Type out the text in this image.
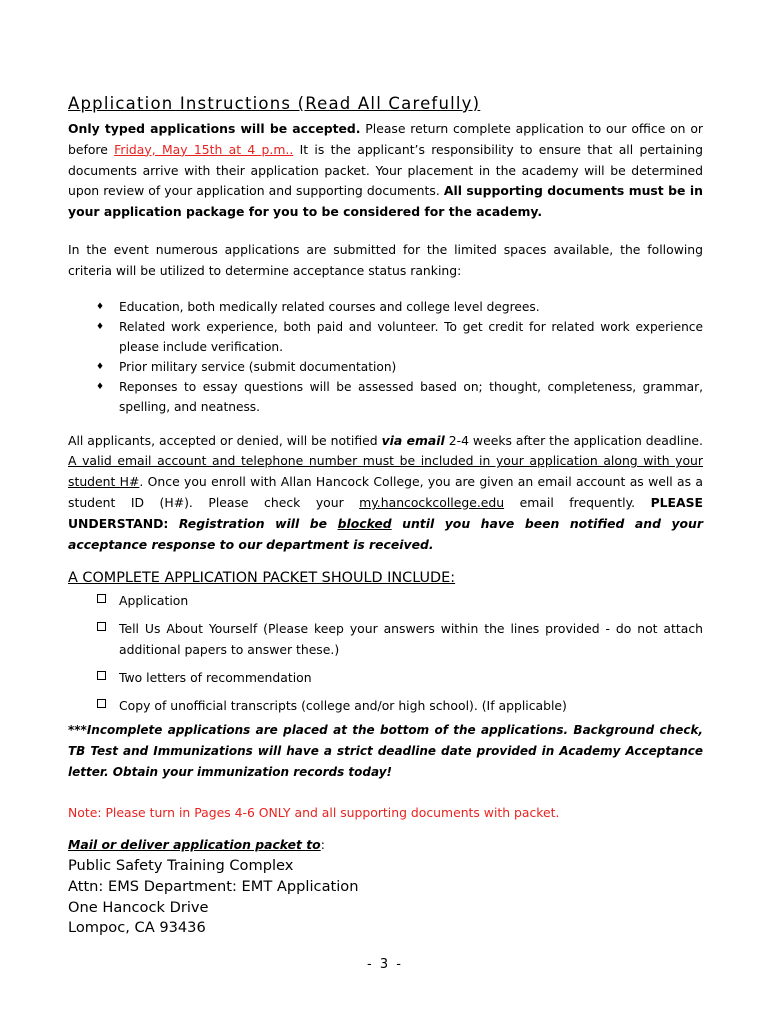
Application Instructions (Read All Carefully)

Only typed applications will be accepted. Please return complete application to our office on or before Friday, May 15th at 4 p.m.. It is the applicant’s responsibility to ensure that all pertaining documents arrive with their application packet. Your placement in the academy will be determined upon review of your application and supporting documents. All supporting documents must be in your application package for you to be considered for the academy.

In the event numerous applications are submitted for the limited spaces available, the following criteria will be utilized to determine acceptance status ranking:

♦ Education, both medically related courses and college level degrees.
♦ Related work experience, both paid and volunteer. To get credit for related work experience please include verification.
♦ Prior military service (submit documentation)
♦ Reponses to essay questions will be assessed based on; thought, completeness, grammar, spelling, and neatness.

All applicants, accepted or denied, will be notified via email 2-4 weeks after the application deadline. A valid email account and telephone number must be included in your application along with your student H#. Once you enroll with Allan Hancock College, you are given an email account as well as a student ID (H#). Please check your my.hancockcollege.edu email frequently. PLEASE UNDERSTAND: Registration will be blocked until you have been notified and your acceptance response to our department is received.

A COMPLETE APPLICATION PACKET SHOULD INCLUDE:
Application
Tell Us About Yourself (Please keep your answers within the lines provided - do not attach additional papers to answer these.)
Two letters of recommendation
Copy of unofficial transcripts (college and/or high school). (If applicable)

***Incomplete applications are placed at the bottom of the applications. Background check, TB Test and Immunizations will have a strict deadline date provided in Academy Acceptance letter. Obtain your immunization records today!

Note: Please turn in Pages 4-6 ONLY and all supporting documents with packet.
Mail or deliver application packet to:
Public Safety Training Complex
Attn: EMS Department: EMT Application
One Hancock Drive
Lompoc, CA 93436
- 3 -
